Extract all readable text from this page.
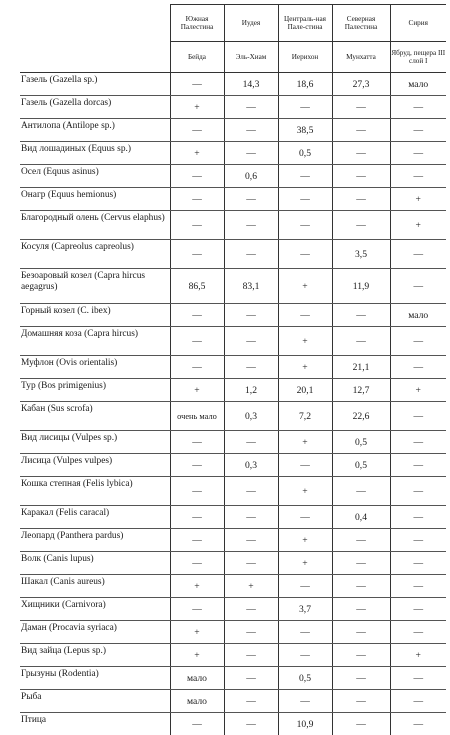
	Южная Палестина	Иудея	Централь-ная Пале-стина	Северная Палестина	Сирия
	Бейда	Эль-Хиам	Иерихон	Мунхатта	Ябруд, пещера III слой I
Газель (Gazella sp.)	—	14,3	18,6	27,3	мало
Газель (Gazella dorcas)	+	—	—	—	—
Антилопа (Antilope sp.)	—	—	38,5	—	—
Вид лошадиных (Equus sp.)	+	—	0,5	—	—
Осел (Equus asinus)	—	0,6	—	—	—
Онагр (Equus hemionus)	—	—	—	—	+
Благородный олень (Cervus elaphus)	—	—	—	—	+
Косуля (Capreolus capreolus)	—	—	—	3,5	—
Безоаровый козел (Capra hircus aegagrus)	86,5	83,1	+	11,9	—
Горный козел (C. ibex)	—	—	—	—	мало
Домашняя коза (Capra hircus)	—	—	+	—	—
Муфлон (Ovis orientalis)	—	—	+	21,1	—
Тур (Bos primigenius)	+	1,2	20,1	12,7	+
Кабан (Sus scrofa)	очень мало	0,3	7,2	22,6	—
Вид лисицы (Vulpes sp.)	—	—	+	0,5	—
Лисица (Vulpes vulpes)	—	0,3	—	0,5	—
Кошка степная (Felis lybica)	—	—	+	—	—
Каракал (Felis caracal)	—	—	—	0,4	—
Леопард (Panthera pardus)	—	—	+	—	—
Волк (Canis lupus)	—	—	+	—	—
Шакал (Canis aureus)	+	+	—	—	—
Хищники (Carnivora)	—	—	3,7	—	—
Даман (Procavia syriaca)	+	—	—	—	—
Вид зайца (Lepus sp.)	+	—	—	—	+
Грызуны (Rodentia)	мало	—	0,5	—	—
Рыба	мало	—	—	—	—
Птица	—	—	10,9	—	—
